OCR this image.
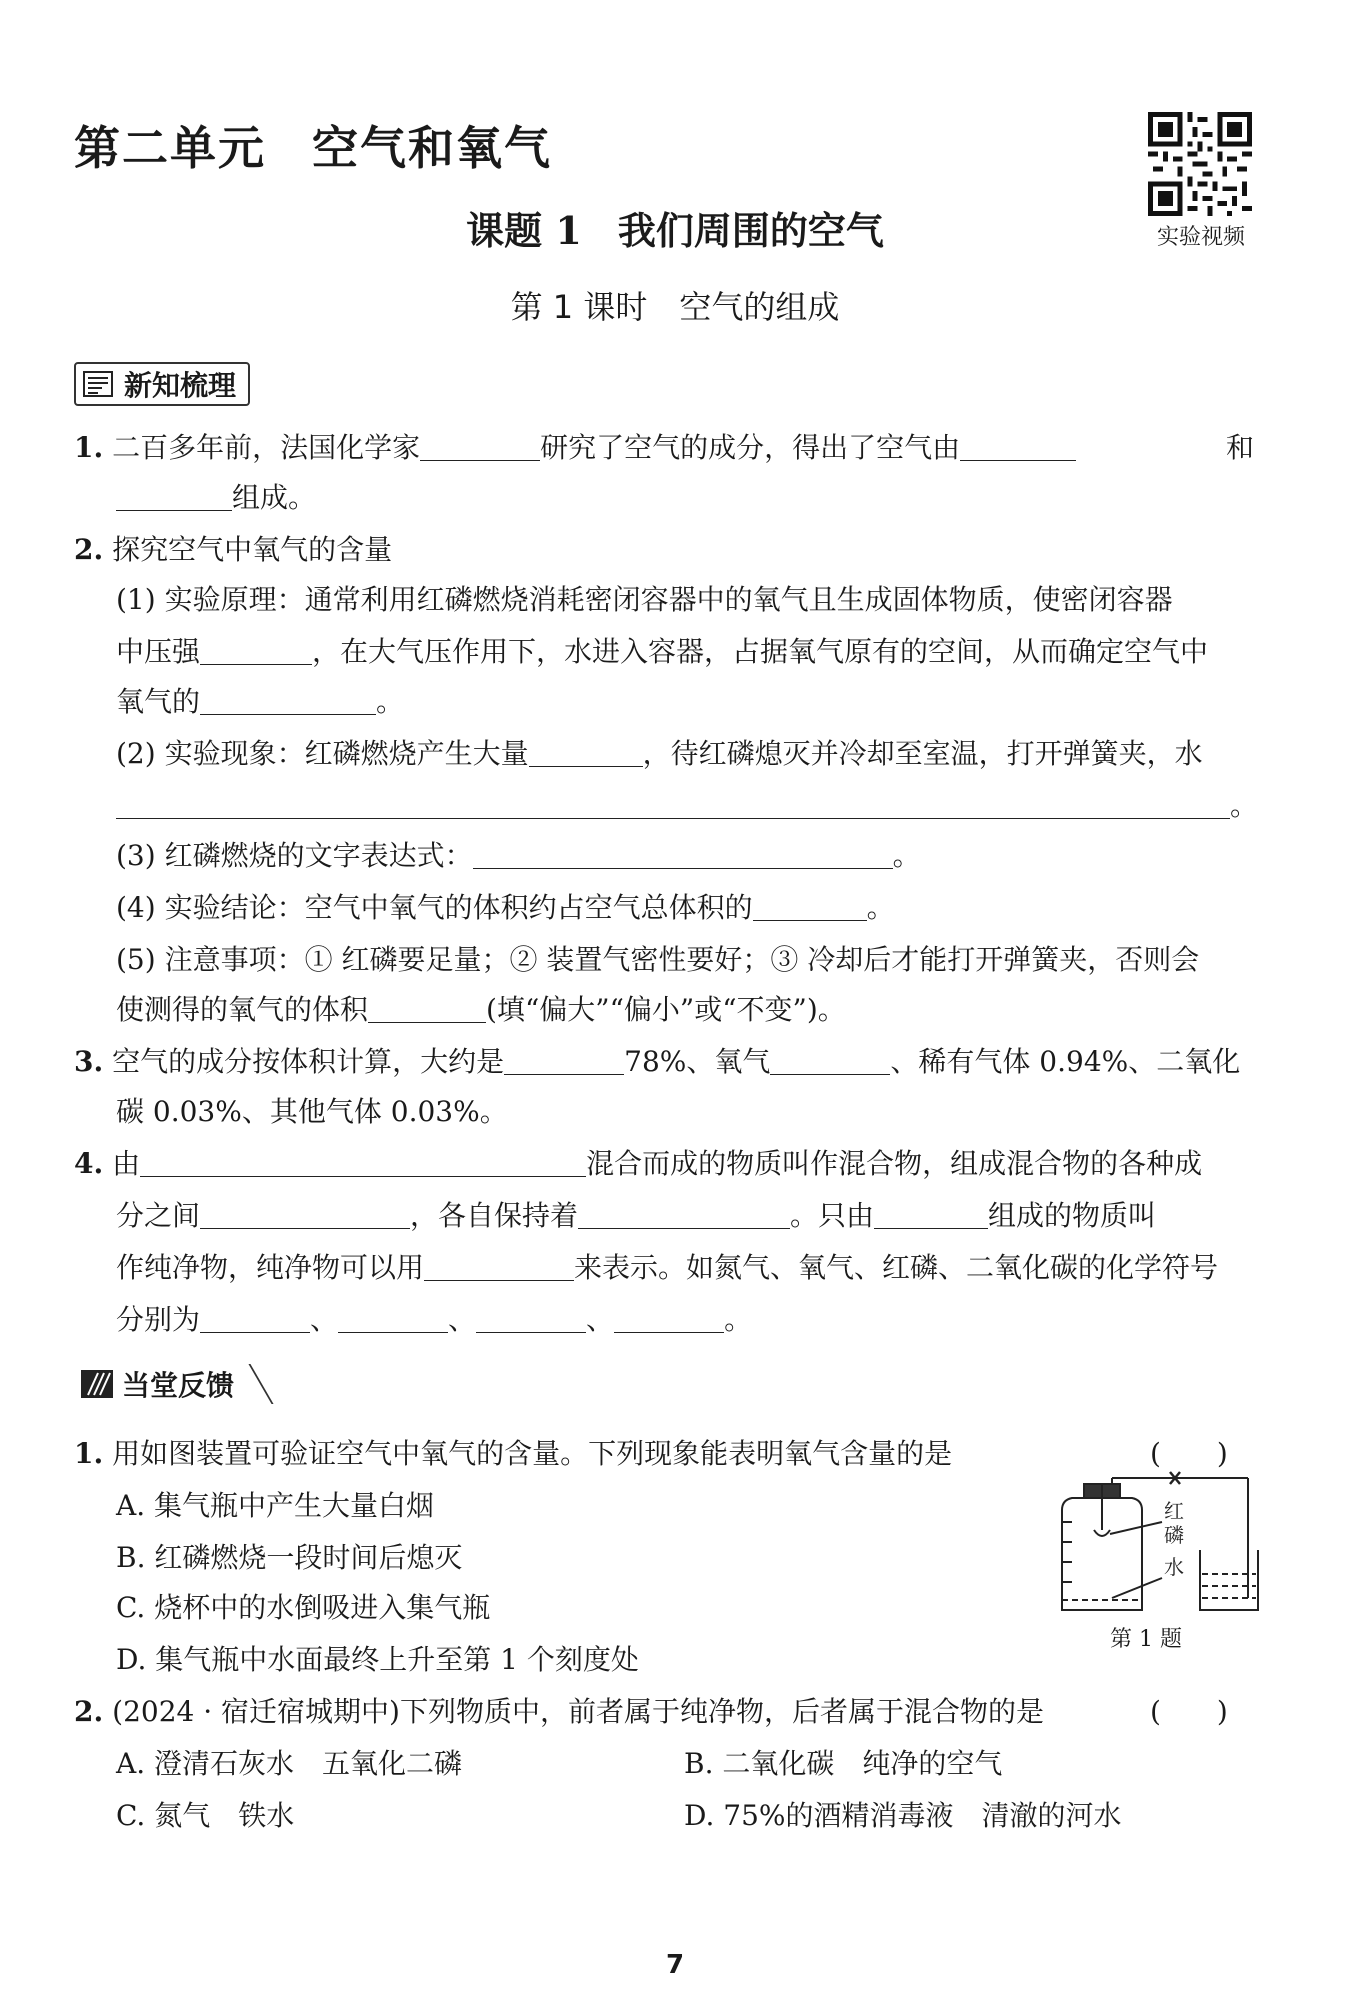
第二单元 空气和氧气
实验视频
课题 1 我们周围的空气
第 1 课时 空气的组成
新知梳理
1. 二百多年前，法国化学家	研究了空气的成分，得出了空气由	和
组成。
2. 探究空气中氧气的含量
(1) 实验原理：通常利用红磷燃烧消耗密闭容器中的氧气且生成固体物质，使密闭容器
中压强	，在大气压作用下，水进入容器，占据氧气原有的空间，从而确定空气中
氧气的	。
(2) 实验现象：红磷燃烧产生大量	，待红磷熄灭并冷却至室温，打开弹簧夹，水
。
(3) 红磷燃烧的文字表达式：	。
(4) 实验结论：空气中氧气的体积约占空气总体积的	。
(5) 注意事项：① 红磷要足量；② 装置气密性要好；③ 冷却后才能打开弹簧夹，否则会
使测得的氧气的体积	(填“偏大”“偏小”或“不变”)。
3. 空气的成分按体积计算，大约是	78%、氧气	、稀有气体 0.94%、二氧化
碳 0.03%、其他气体 0.03%。
4. 由	混合而成的物质叫作混合物，组成混合物的各种成
分之间	，各自保持着	。只由	组成的物质叫
作纯净物，纯净物可以用	来表示。如氮气、氧气、红磷、二氧化碳的化学符号
分别为	、	、	、	。
当堂反馈
1. 用如图装置可验证空气中氧气的含量。下列现象能表明氧气含量的是	(　　)
A. 集气瓶中产生大量白烟
B. 红磷燃烧一段时间后熄灭
C. 烧杯中的水倒吸进入集气瓶
D. 集气瓶中水面最终上升至第 1 个刻度处
红
磷
水
第 1 题
2. (2024 · 宿迁宿城期中)下列物质中，前者属于纯净物，后者属于混合物的是	(　　)
A. 澄清石灰水　五氧化二磷	B. 二氧化碳　纯净的空气
C. 氮气　铁水	D. 75%的酒精消毒液　清澈的河水
7
